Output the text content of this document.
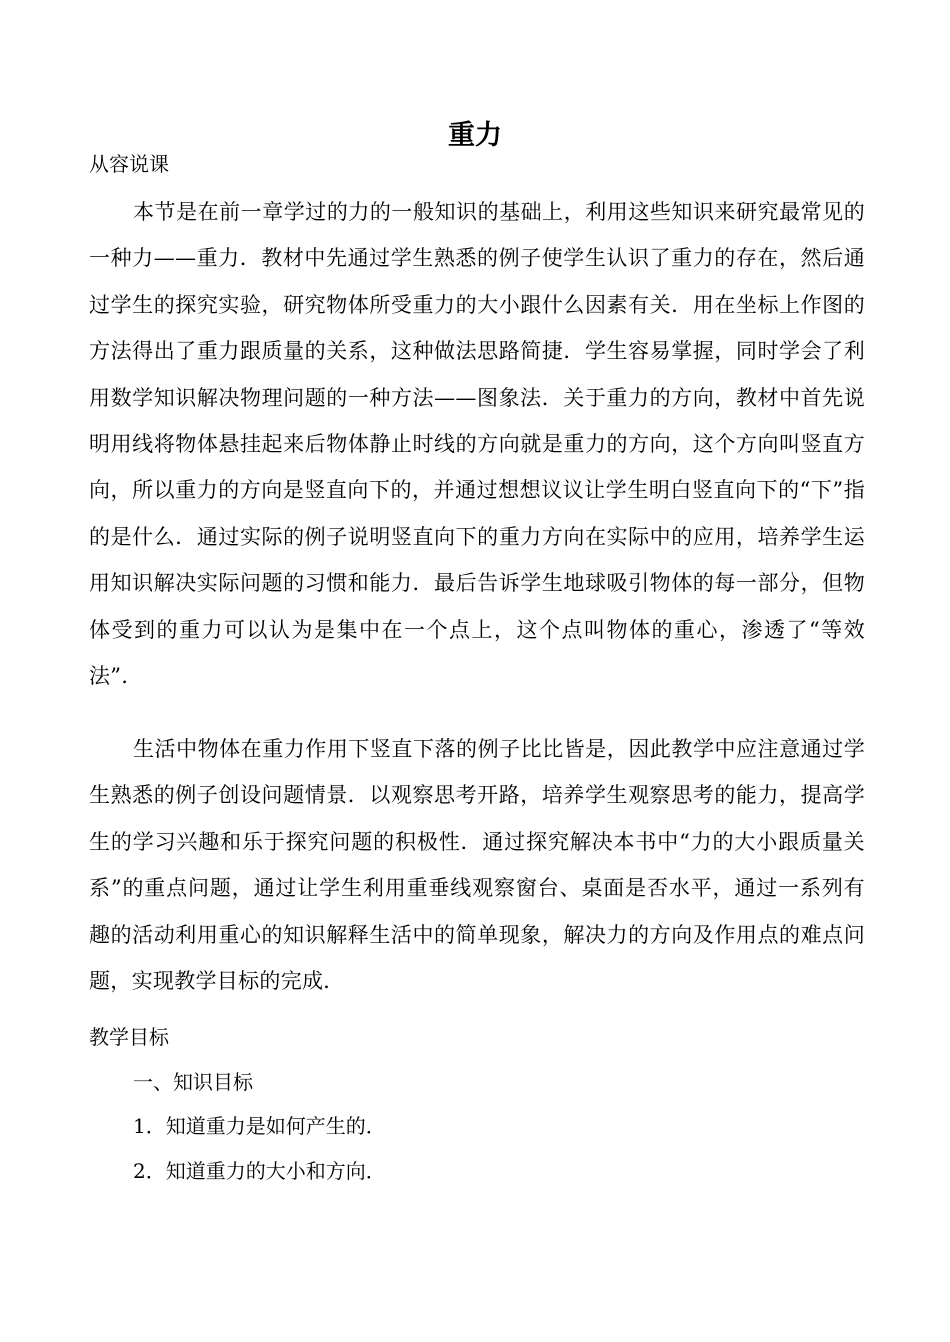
重力
从容说课

本节是在前一章学过的力的一般知识的基础上，利用这些知识来研究最常见的一种力——重力．教材中先通过学生熟悉的例子使学生认识了重力的存在，然后通过学生的探究实验，研究物体所受重力的大小跟什么因素有关．用在坐标上作图的方法得出了重力跟质量的关系，这种做法思路简捷．学生容易掌握，同时学会了利用数学知识解决物理问题的一种方法——图象法．关于重力的方向，教材中首先说明用线将物体悬挂起来后物体静止时线的方向就是重力的方向，这个方向叫竖直方向，所以重力的方向是竖直向下的，并通过想想议议让学生明白竖直向下的“下”指的是什么．通过实际的例子说明竖直向下的重力方向在实际中的应用，培养学生运用知识解决实际问题的习惯和能力．最后告诉学生地球吸引物体的每一部分，但物体受到的重力可以认为是集中在一个点上，这个点叫物体的重心，渗透了“等效法”．

生活中物体在重力作用下竖直下落的例子比比皆是，因此教学中应注意通过学生熟悉的例子创设问题情景．以观察思考开路，培养学生观察思考的能力，提高学生的学习兴趣和乐于探究问题的积极性．通过探究解决本书中“力的大小跟质量关系”的重点问题，通过让学生利用重垂线观察窗台、桌面是否水平，通过一系列有趣的活动利用重心的知识解释生活中的简单现象，解决力的方向及作用点的难点问题，实现教学目标的完成．

教学目标
一、知识目标
1．知道重力是如何产生的．
2．知道重力的大小和方向．
